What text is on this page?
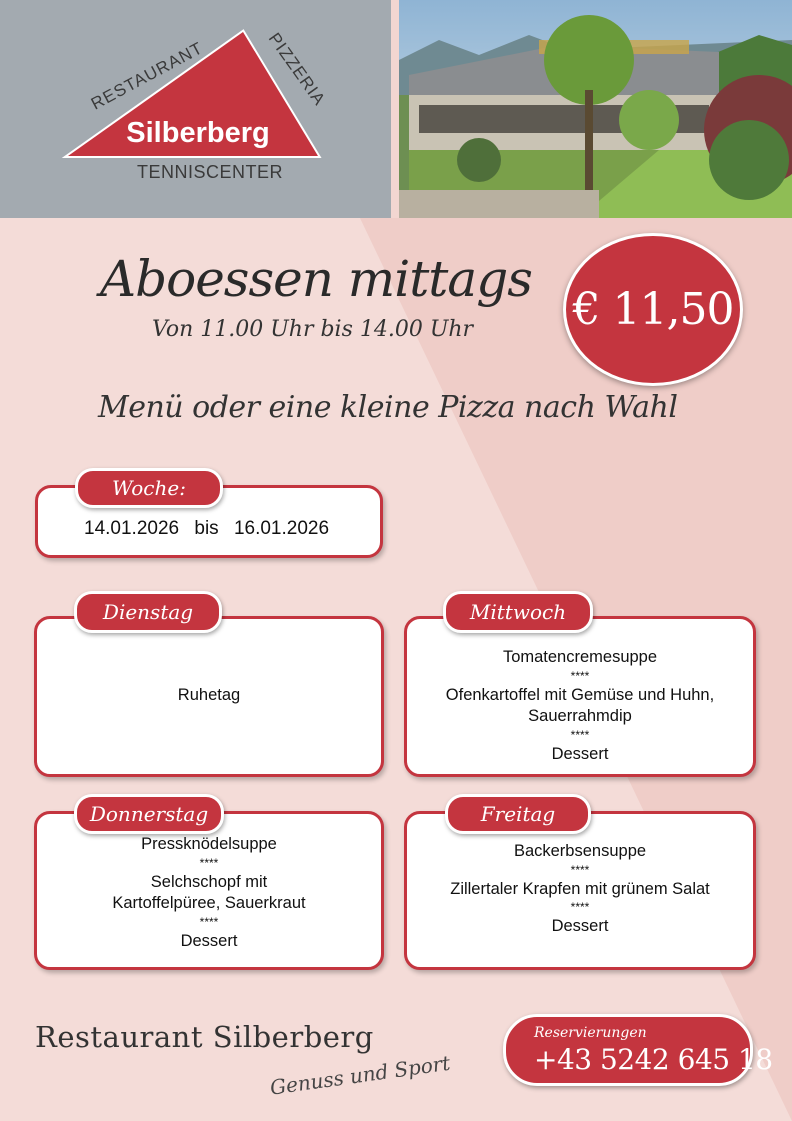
RESTAURANT	PIZZERIA
Silberberg
TENNISCENTER
Aboessen mittags
Von 11.00 Uhr bis 14.00 Uhr € 11,50
Menü oder eine kleine Pizza nach Wahl
14.01.2026 bis 16.01.2026
Woche:
Ruhetag
Dienstag
Tomatencremesuppe
****
Ofenkartoffel mit Gemüse und Huhn,
Sauerrahmdip
****
Dessert
Mittwoch
Pressknödelsuppe
****
Selchschopf mit
Kartoffelpüree, Sauerkraut
****
Dessert
Donnerstag
Backerbsensuppe
****
Zillertaler Krapfen mit grünem Salat
****
Dessert
Freitag
Restaurant Silberberg
Genuss und Sport
Reservierungen
+43 5242 645 18
